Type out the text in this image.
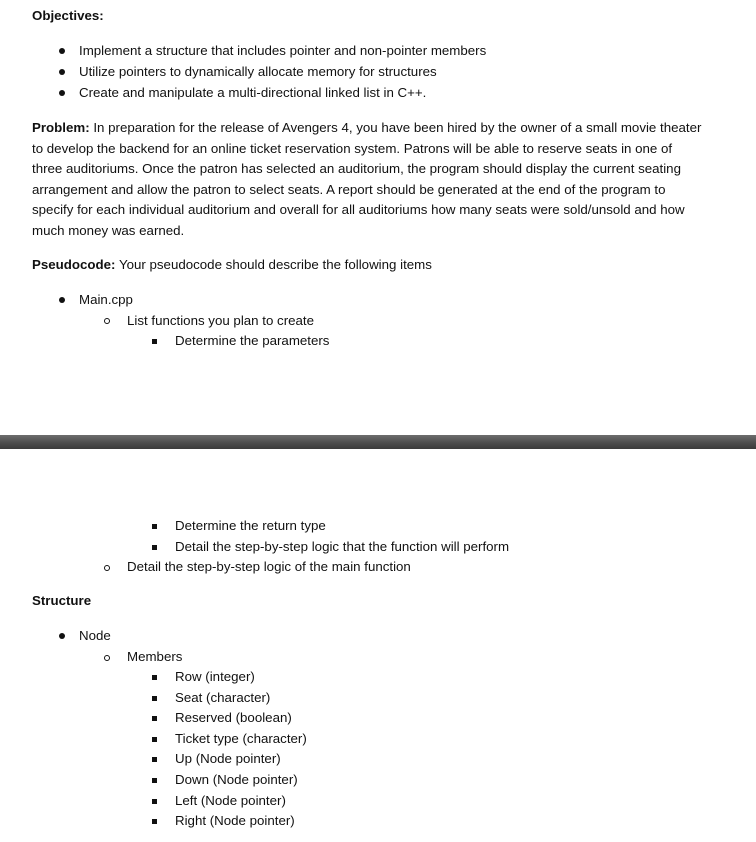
Objectives:
Implement a structure that includes pointer and non-pointer members
Utilize pointers to dynamically allocate memory for structures
Create and manipulate a multi-directional linked list in C++.
Problem: In preparation for the release of Avengers 4, you have been hired by the owner of a small movie theater
to develop the backend for an online ticket reservation system. Patrons will be able to reserve seats in one of
three auditoriums. Once the patron has selected an auditorium, the program should display the current seating
arrangement and allow the patron to select seats. A report should be generated at the end of the program to
specify for each individual auditorium and overall for all auditoriums how many seats were sold/unsold and how
much money was earned.
Pseudocode: Your pseudocode should describe the following items
Main.cpp
List functions you plan to create
Determine the parameters
Determine the return type
Detail the step-by-step logic that the function will perform
Detail the step-by-step logic of the main function
Structure
Node
Members
Row (integer)
Seat (character)
Reserved (boolean)
Ticket type (character)
Up (Node pointer)
Down (Node pointer)
Left (Node pointer)
Right (Node pointer)
